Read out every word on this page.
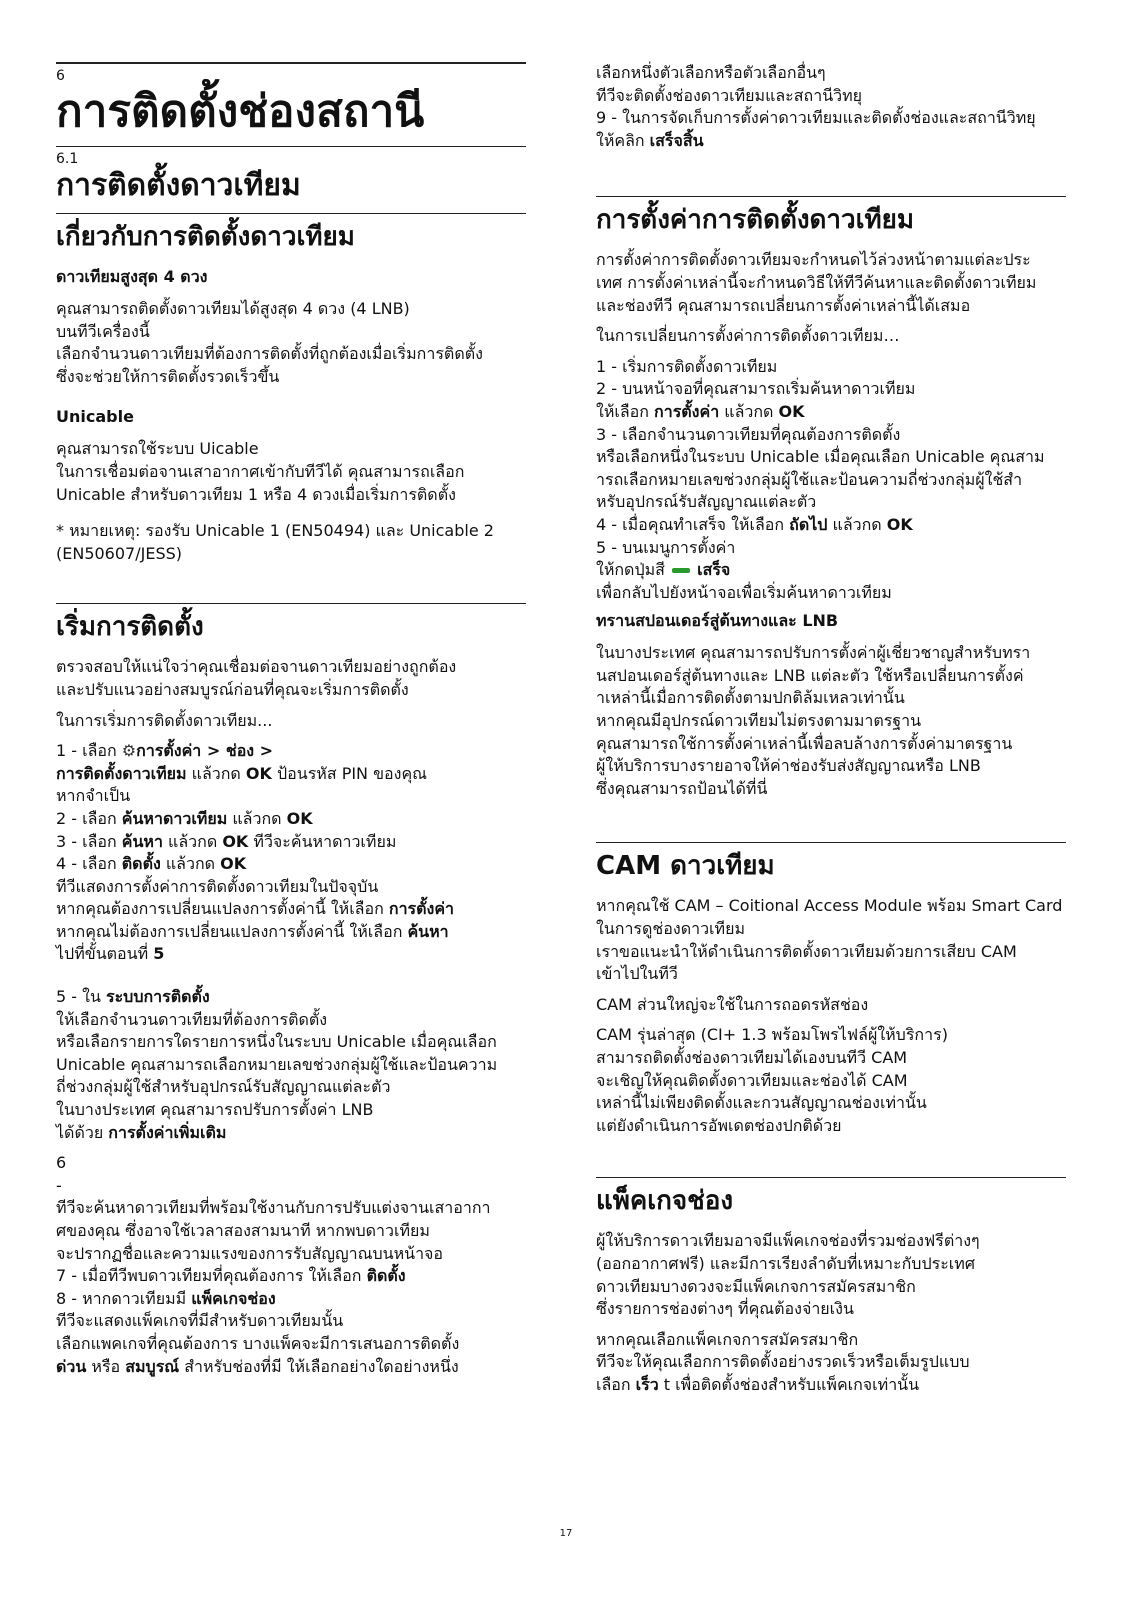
6
การติดตั้งช่องสถานี
6.1
การติดตั้งดาวเทียม
เกี่ยวกับการติดตั้งดาวเทียม
ดาวเทียมสูงสุด 4 ดวง

คุณสามารถติดตั้งดาวเทียมได้สูงสุด 4 ดวง (4 LNB)
บนทีวีเครื่องนี้
เลือกจำนวนดาวเทียมที่ต้องการติดตั้งที่ถูกต้องเมื่อเริ่มการติดตั้ง
ซึ่งจะช่วยให้การติดตั้งรวดเร็วขึ้น

Unicable

คุณสามารถใช้ระบบ Uicable
ในการเชื่อมต่อจานเสาอากาศเข้ากับทีวีได้ คุณสามารถเลือก
Unicable สำหรับดาวเทียม 1 หรือ 4 ดวงเมื่อเริ่มการติดตั้ง

* หมายเหตุ: รองรับ Unicable 1 (EN50494) และ Unicable 2
(EN50607/JESS)

เริ่มการติดตั้ง

ตรวจสอบให้แน่ใจว่าคุณเชื่อมต่อจานดาวเทียมอย่างถูกต้อง
และปรับแนวอย่างสมบูรณ์ก่อนที่คุณจะเริ่มการติดตั้ง

ในการเริ่มการติดตั้งดาวเทียม...

1 - เลือก ⚙การตั้งค่า > ช่อง >
การติดตั้งดาวเทียม แล้วกด OK ป้อนรหัส PIN ของคุณ
หากจำเป็น
2 - เลือก ค้นหาดาวเทียม แล้วกด OK
3 - เลือก ค้นหา แล้วกด OK ทีวีจะค้นหาดาวเทียม
4 - เลือก ติดตั้ง แล้วกด OK
ทีวีแสดงการตั้งค่าการติดตั้งดาวเทียมในปัจจุบัน
หากคุณต้องการเปลี่ยนแปลงการตั้งค่านี้ ให้เลือก การตั้งค่า
หากคุณไม่ต้องการเปลี่ยนแปลงการตั้งค่านี้ ให้เลือก ค้นหา
ไปที่ขั้นตอนที่ 5

5 - ใน ระบบการติดตั้ง
ให้เลือกจำนวนดาวเทียมที่ต้องการติดตั้ง
หรือเลือกรายการใดรายการหนึ่งในระบบ Unicable เมื่อคุณเลือก
Unicable คุณสามารถเลือกหมายเลขช่วงกลุ่มผู้ใช้และป้อนความ
ถี่ช่วงกลุ่มผู้ใช้สำหรับอุปกรณ์รับสัญญาณแต่ละตัว
ในบางประเทศ คุณสามารถปรับการตั้งค่า LNB
ได้ด้วย การตั้งค่าเพิ่มเติม

6
-
ทีวีจะค้นหาดาวเทียมที่พร้อมใช้งานกับการปรับแต่งจานเสาอากา
ศของคุณ ซึ่งอาจใช้เวลาสองสามนาที หากพบดาวเทียม
จะปรากฏชื่อและความแรงของการรับสัญญาณบนหน้าจอ

7 - เมื่อทีวีพบดาวเทียมที่คุณต้องการ ให้เลือก ติดตั้ง
8 - หากดาวเทียมมี แพ็คเกจช่อง
ทีวีจะแสดงแพ็คเกจที่มีสำหรับดาวเทียมนั้น
เลือกแพคเกจที่คุณต้องการ บางแพ็คจะมีการเสนอการติดตั้ง
ด่วน หรือ สมบูรณ์ สำหรับช่องที่มี ให้เลือกอย่างใดอย่างหนึ่ง

เลือกหนึ่งตัวเลือกหรือตัวเลือกอื่นๆ
ทีวีจะติดตั้งช่องดาวเทียมและสถานีวิทยุ
9 - ในการจัดเก็บการตั้งค่าดาวเทียมและติดตั้งช่องและสถานีวิทยุ
ให้คลิก เสร็จสิ้น

การตั้งค่าการติดตั้งดาวเทียม

การตั้งค่าการติดตั้งดาวเทียมจะกำหนดไว้ล่วงหน้าตามแต่ละประ
เทศ การตั้งค่าเหล่านี้จะกำหนดวิธีให้ทีวีค้นหาและติดตั้งดาวเทียม
และช่องทีวี คุณสามารถเปลี่ยนการตั้งค่าเหล่านี้ได้เสมอ

ในการเปลี่ยนการตั้งค่าการติดตั้งดาวเทียม…

1 - เริ่มการติดตั้งดาวเทียม
2 - บนหน้าจอที่คุณสามารถเริ่มค้นหาดาวเทียม
ให้เลือก การตั้งค่า แล้วกด OK
3 - เลือกจำนวนดาวเทียมที่คุณต้องการติดตั้ง
หรือเลือกหนึ่งในระบบ Unicable เมื่อคุณเลือก Unicable คุณสาม
ารถเลือกหมายเลขช่วงกลุ่มผู้ใช้และป้อนความถี่ช่วงกลุ่มผู้ใช้สำ
หรับอุปกรณ์รับสัญญาณแต่ละตัว
4 - เมื่อคุณทำเสร็จ ให้เลือก ถัดไป แล้วกด OK
5 - บนเมนูการตั้งค่า
ให้กดปุ่มสี  เสร็จ
เพื่อกลับไปยังหน้าจอเพื่อเริ่มค้นหาดาวเทียม

ทรานสปอนเดอร์สู่ต้นทางและ LNB

ในบางประเทศ คุณสามารถปรับการตั้งค่าผู้เชี่ยวชาญสำหรับทรา
นสปอนเดอร์สู่ต้นทางและ LNB แต่ละตัว ใช้หรือเปลี่ยนการตั้งค่
าเหล่านี้เมื่อการติดตั้งตามปกติล้มเหลวเท่านั้น
หากคุณมีอุปกรณ์ดาวเทียมไม่ตรงตามมาตรฐาน
คุณสามารถใช้การตั้งค่าเหล่านี้เพื่อลบล้างการตั้งค่ามาตรฐาน
ผู้ให้บริการบางรายอาจให้ค่าช่องรับส่งสัญญาณหรือ LNB
ซึ่งคุณสามารถป้อนได้ที่นี่

CAM ดาวเทียม

หากคุณใช้ CAM – Coitional Access Module พร้อม Smart Card
ในการดูช่องดาวเทียม
เราขอแนะนำให้ดำเนินการติดตั้งดาวเทียมด้วยการเสียบ CAM
เข้าไปในทีวี

CAM ส่วนใหญ่จะใช้ในการถอดรหัสช่อง

CAM รุ่นล่าสุด (CI+ 1.3 พร้อมโพรไฟล์ผู้ให้บริการ)
สามารถติดตั้งช่องดาวเทียมได้เองบนทีวี CAM
จะเชิญให้คุณติดตั้งดาวเทียมและช่องได้ CAM
เหล่านี้ไม่เพียงติดตั้งและกวนสัญญาณช่องเท่านั้น
แต่ยังดำเนินการอัพเดตช่องปกติด้วย

แพ็คเกจช่อง

ผู้ให้บริการดาวเทียมอาจมีแพ็คเกจช่องที่รวมช่องฟรีต่างๆ
(ออกอากาศฟรี) และมีการเรียงลำดับที่เหมาะกับประเทศ
ดาวเทียมบางดวงจะมีแพ็คเกจการสมัครสมาชิก
ซึ่งรายการช่องต่างๆ ที่คุณต้องจ่ายเงิน

หากคุณเลือกแพ็คเกจการสมัครสมาชิก
ทีวีจะให้คุณเลือกการติดตั้งอย่างรวดเร็วหรือเต็มรูปแบบ
เลือก เร็ว t เพื่อติดตั้งช่องสำหรับแพ็คเกจเท่านั้น

17
